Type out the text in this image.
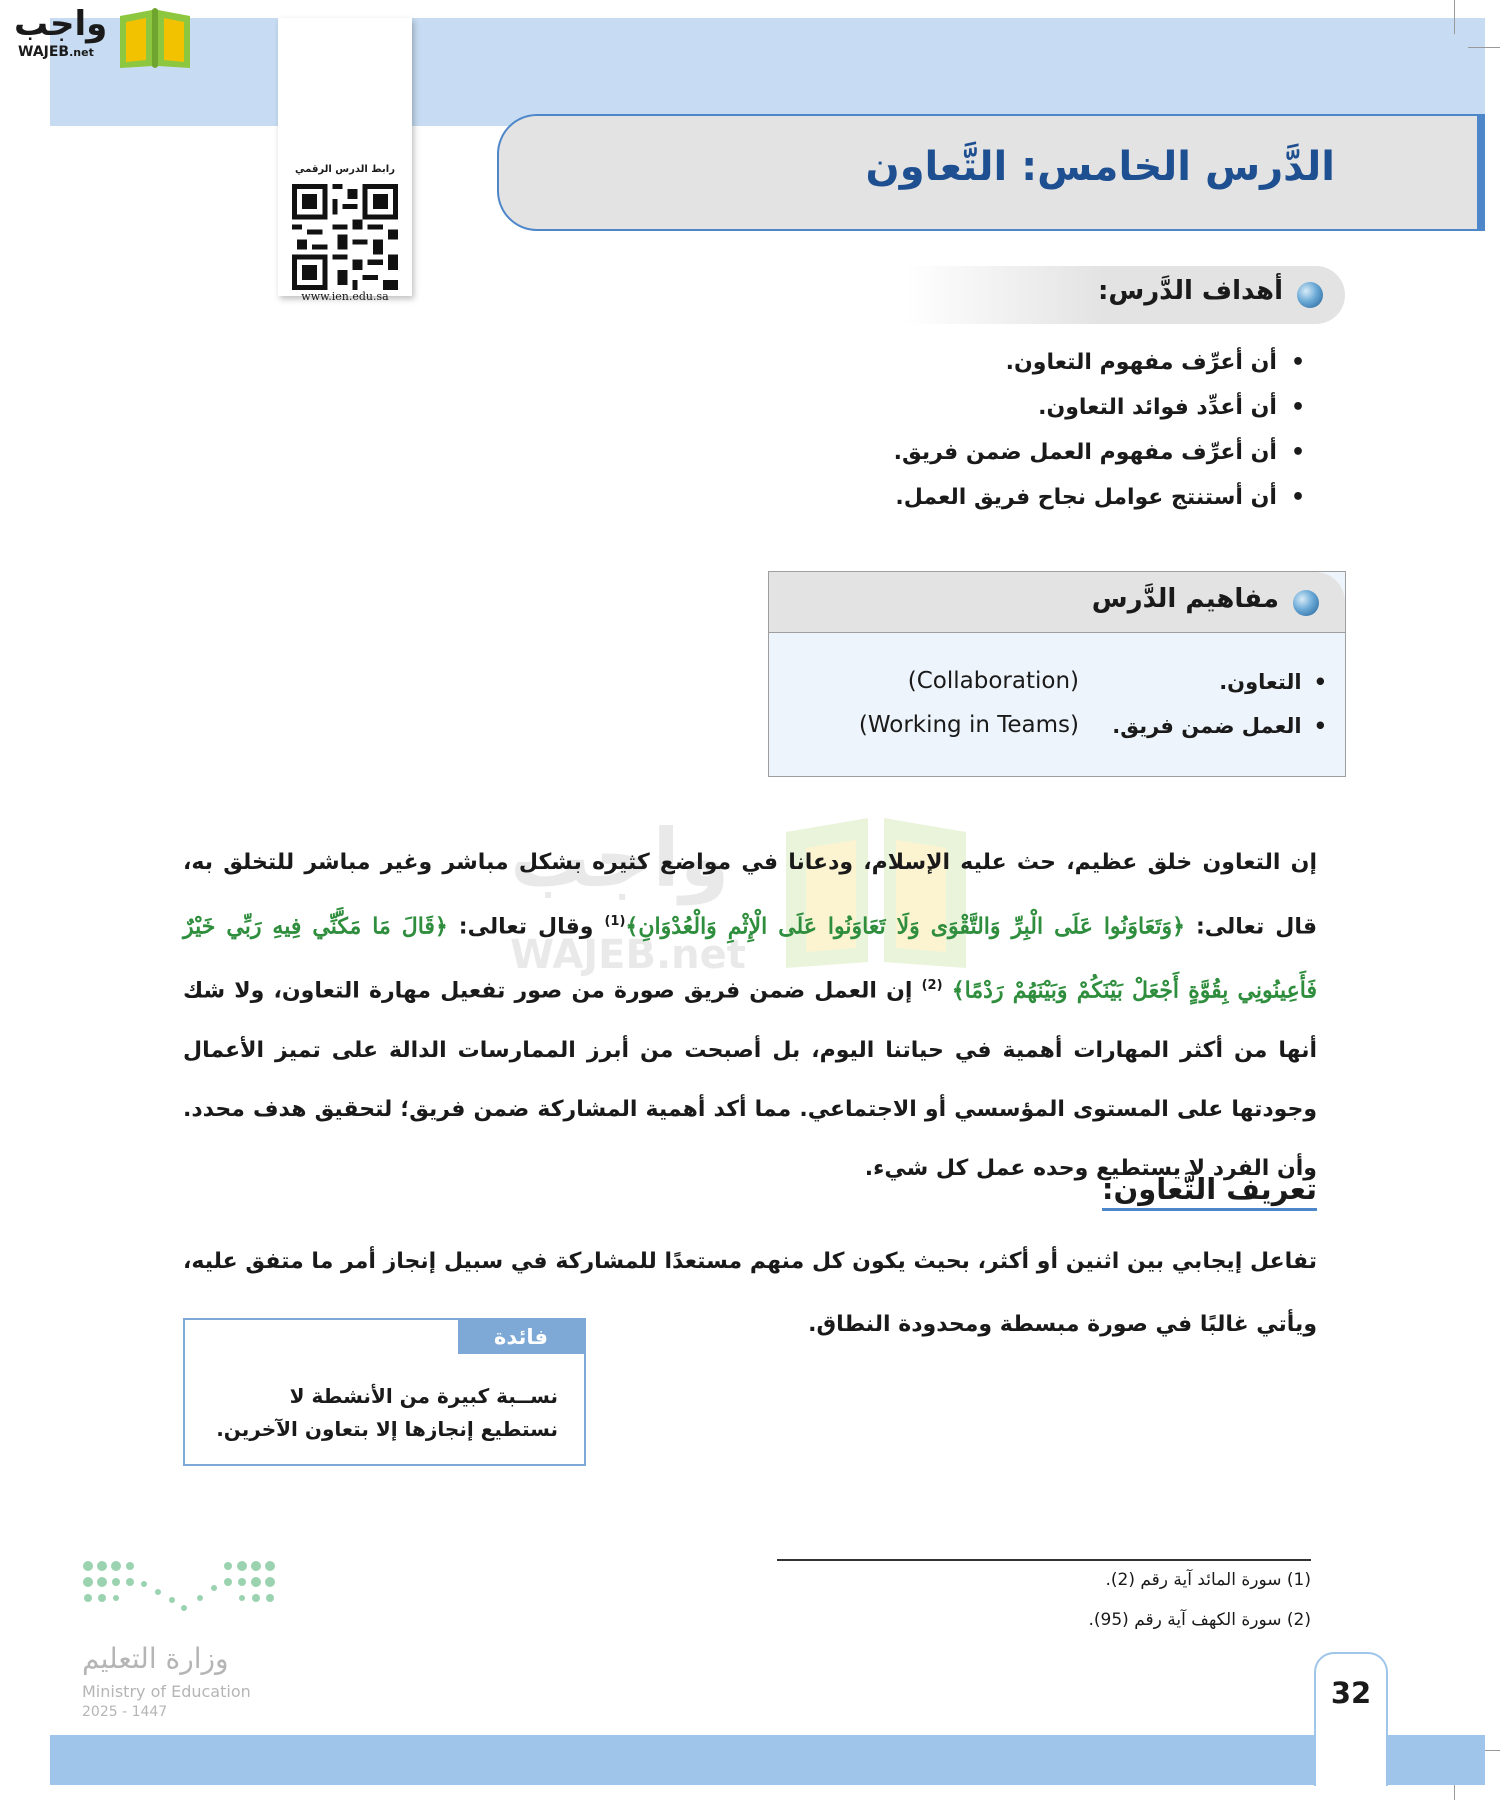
واجب
WAJEB.net
رابط الدرس الرقمي
www.ien.edu.sa
الدَّرس الخامس: التَّعاون
أهداف الدَّرس:
• أن أعرِّف مفهوم التعاون.
• أن أعدِّد فوائد التعاون.
• أن أعرِّف مفهوم العمل ضمن فريق.
• أن أستنتج عوامل نجاح فريق العمل.
مفاهيم الدَّرس
• التعاون.
(Collaboration)
• العمل ضمن فريق.
(Working in Teams)
واجب
WAJEB.net
إن التعاون خلق عظيم، حث عليه الإسلام، ودعانا في مواضع كثيره بشكل مباشر وغير مباشر للتخلق به، قال تعالى: ﴿وَتَعَاوَنُوا عَلَى الْبِرِّ وَالتَّقْوَى وَلَا تَعَاوَنُوا عَلَى الْإِثْمِ وَالْعُدْوَانِ﴾$^{(1)}$ وقال تعالى: ﴿قَالَ مَا مَكَّنِّي فِيهِ رَبِّي خَيْرٌ فَأَعِينُونِي بِقُوَّةٍ أَجْعَلْ بَيْنَكُمْ وَبَيْنَهُمْ رَدْمًا﴾ $^{(2)}$ إن العمل ضمن فريق صورة من صور تفعيل مهارة التعاون، ولا شك أنها من أكثر المهارات أهمية في حياتنا اليوم، بل أصبحت من أبرز الممارسات الدالة على تميز الأعمال وجودتها على المستوى المؤسسي أو الاجتماعي. مما أكد أهمية المشاركة ضمن فريق؛ لتحقيق هدف محدد. وأن الفرد لا يستطيع وحده عمل كل شيء.
تعريف التَّعاون:
تفاعل إيجابي بين اثنين أو أكثر، بحيث يكون كل منهم مستعدًا للمشاركة في سبيل إنجاز أمر ما متفق عليه، ويأتي غالبًا في صورة مبسطة ومحدودة النطاق.
فائدة
نســبة كبيرة من الأنشطة لا نستطيع إنجازها إلا بتعاون الآخرين.
(1) سورة المائد آية رقم (2).
(2) سورة الكهف آية رقم (95).
وزارة التعليم
Ministry of Education
2025 - 1447
32
